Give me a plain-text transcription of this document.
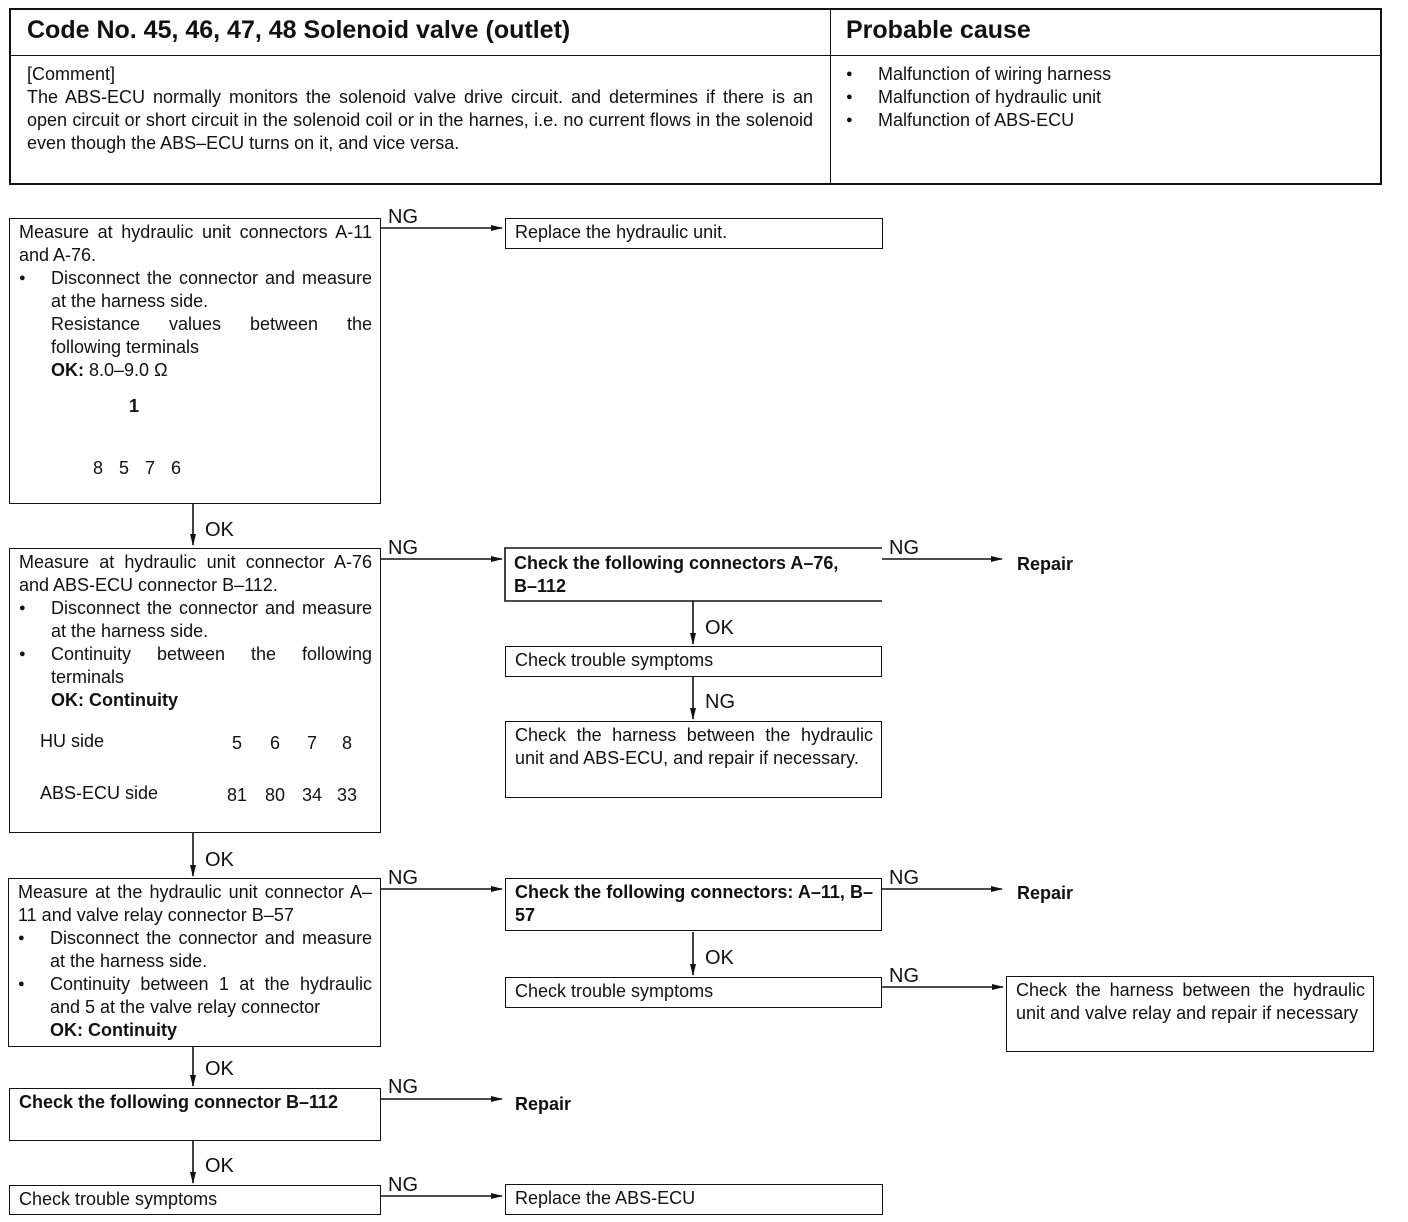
Code No. 45, 46, 47, 48 Solenoid valve (outlet)	Probable cause
[Comment]
The ABS-ECU normally monitors the solenoid valve drive circuit. and determines if there is an open circuit or short circuit in the solenoid coil or in the harnes, i.e. no current flows in the solenoid even though the ABS–ECU turns on it, and vice versa.
● Malfunction of wiring harness
● Malfunction of hydraulic unit
● Malfunction of ABS-ECU
Measure at hydraulic unit connectors A-11 and A-76.
● Disconnect the connector and measure at the harness side.
Resistance values between the following terminals
OK: 8.0–9.0 Ω
1
8 5 7 6
Measure at hydraulic unit connector A-76 and ABS-ECU connector B–112.
● Disconnect the connector and measure at the harness side.
● Continuity between the following terminals
OK: Continuity
HU side	5 6 7 8
ABS-ECU side	81 80 34 33
Measure at the hydraulic unit connector A–11 and valve relay connector B–57
● Disconnect the connector and measure at the harness side.
● Continuity between 1 at the hydraulic and 5 at the valve relay connector
OK: Continuity
Check the following connector B–112
Check trouble symptoms
Replace the hydraulic unit.
Check the following connectors A–76, B–112
Repair
Check trouble symptoms
Check the harness between the hydraulic unit and ABS-ECU, and repair if necessary.
Check the following connectors: A–11, B–57
Repair
Check trouble symptoms	Check the harness between the hydraulic unit and valve relay and repair if necessary
Repair
Replace the ABS-ECU
NG
NG	NG
NG
NG	NG
NG
NG
NG
OK
OK
OK
OK
OK
OK
